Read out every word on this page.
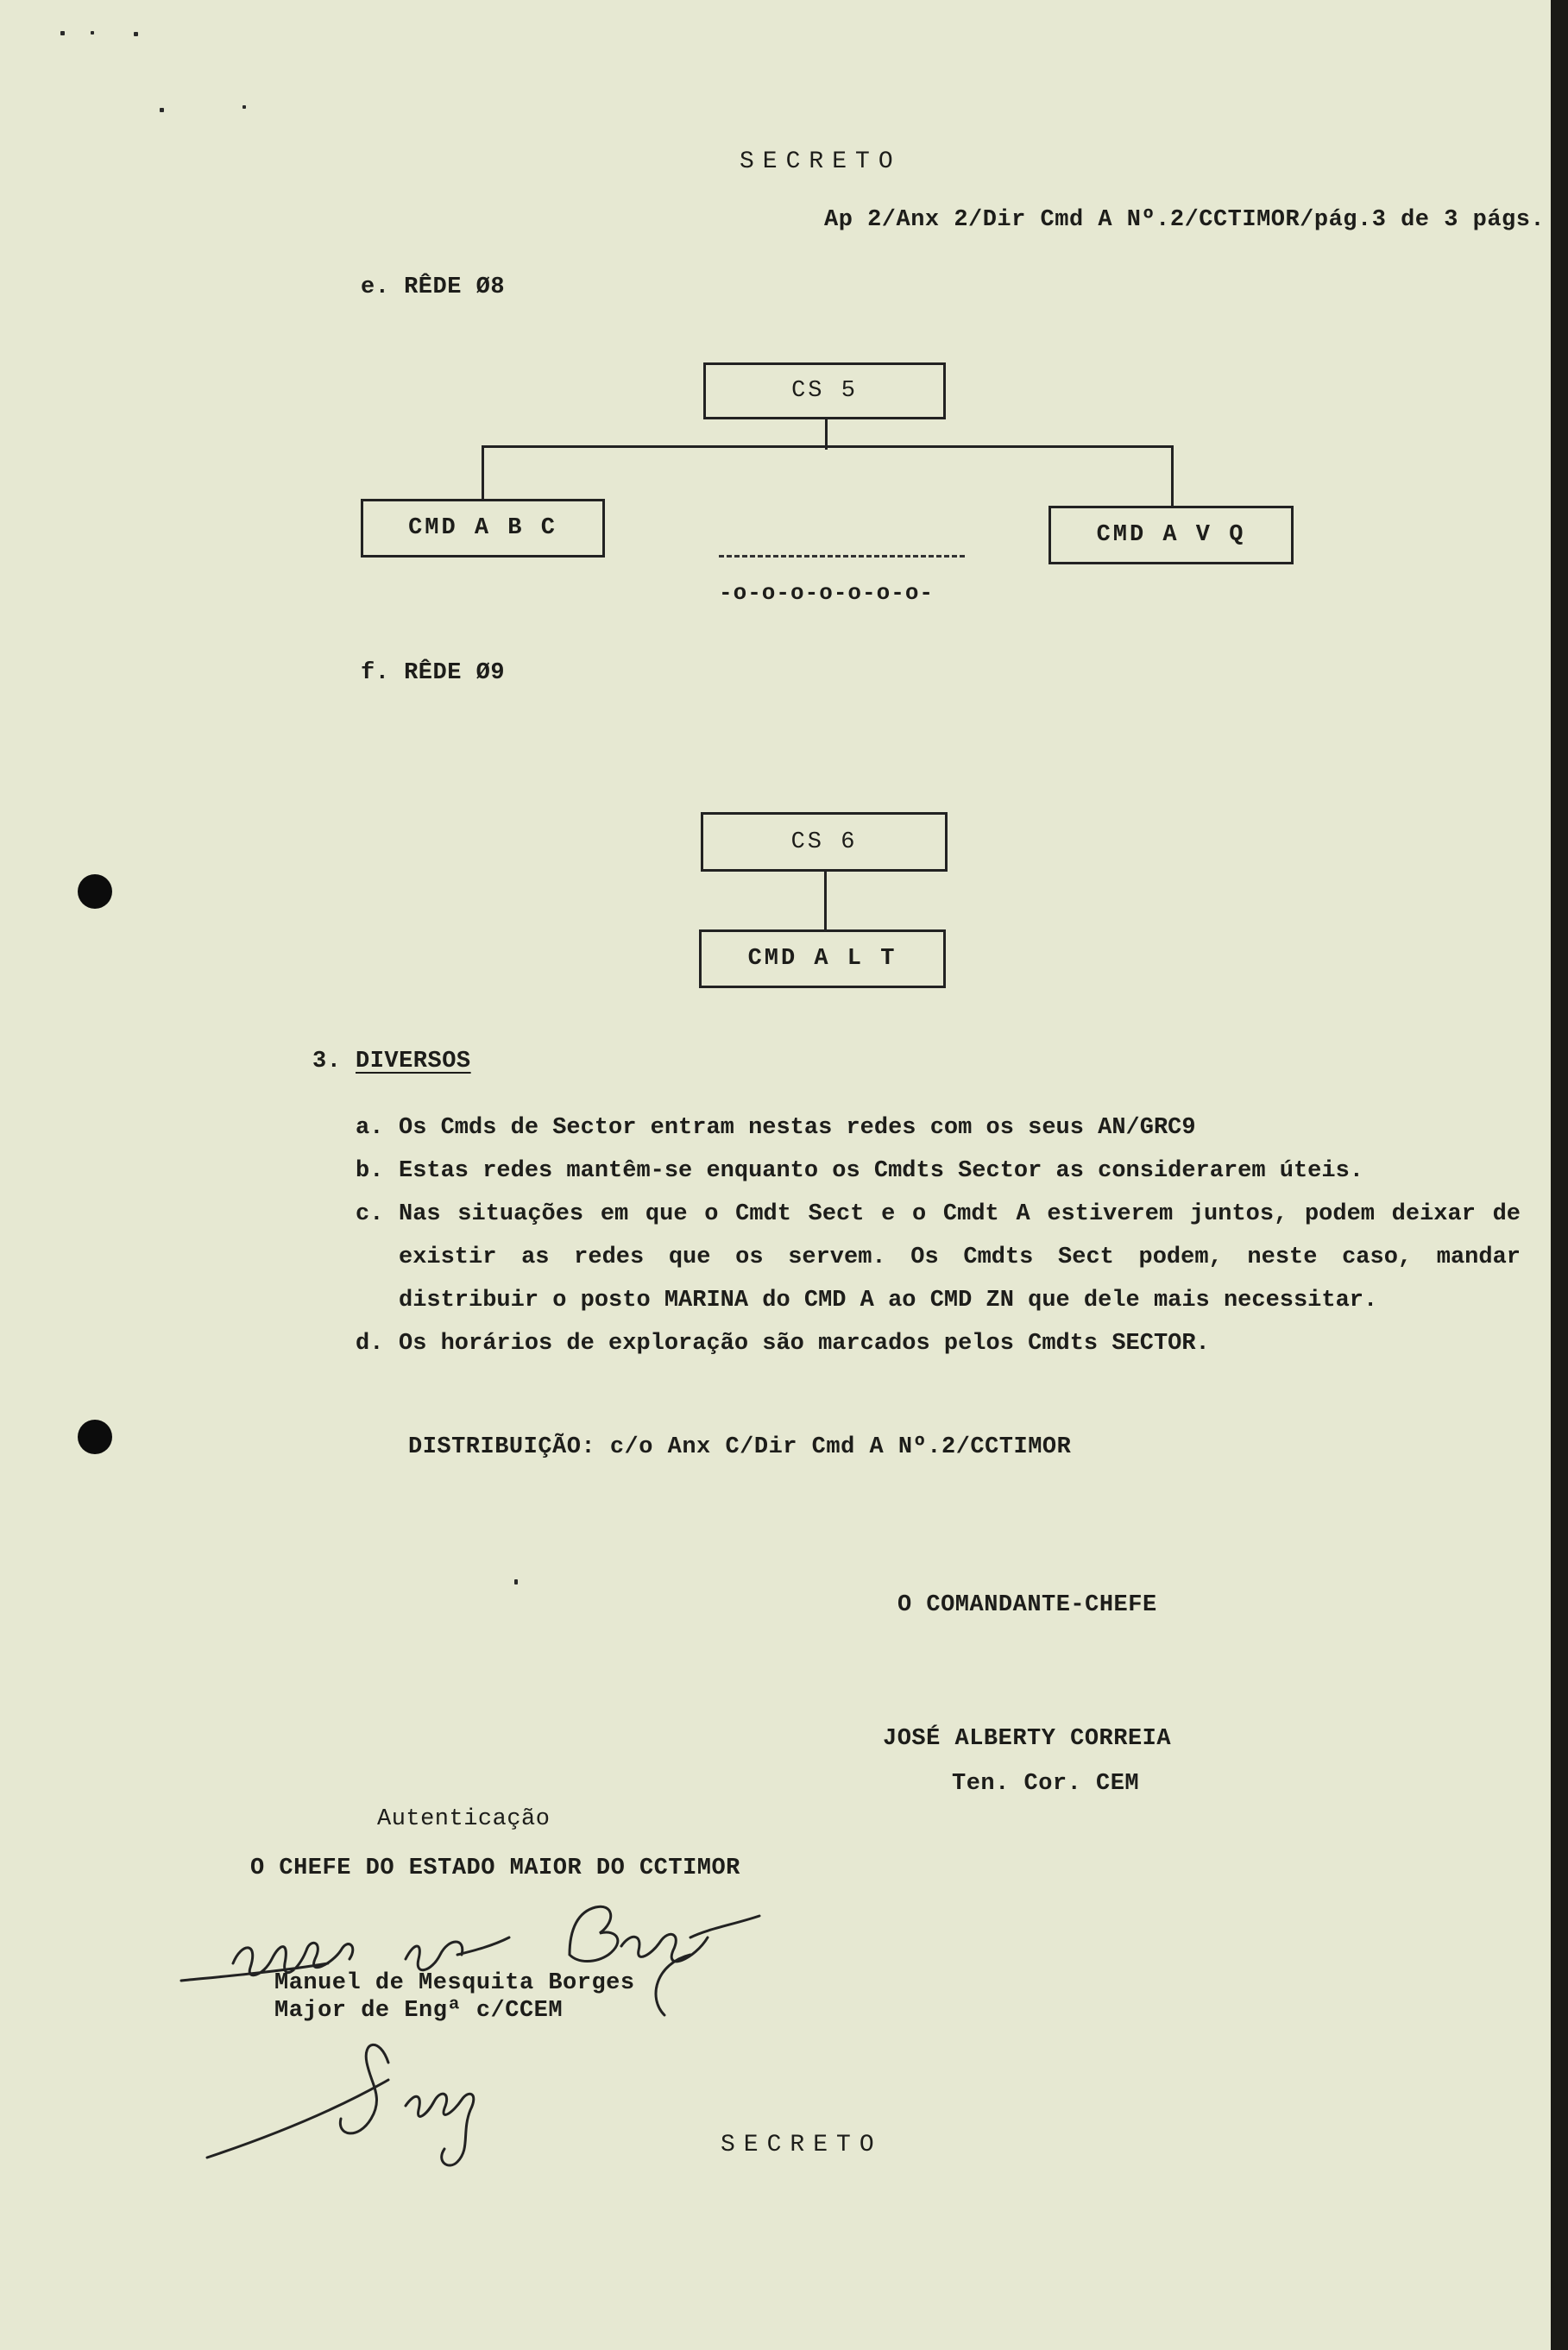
SECRETO
Ap 2/Anx 2/Dir Cmd A Nº.2/CCTIMOR/pág.3 de 3 págs.
e. RÊDE Ø8
CS 5
CMD A B C	CMD A V Q
-o-o-o-o-o-o-o-
f. RÊDE Ø9
CS 6
CMD A L T
3. DIVERSOS
a. Os Cmds de Sector entram nestas redes com os seus AN/GRC9
b. Estas redes mantêm-se enquanto os Cmdts Sector as considerarem úteis.
c. Nas situações em que o Cmdt Sect e o Cmdt A estiverem juntos, podem deixar de existir as redes que os servem. Os Cmdts Sect podem, neste caso, mandar distribuir o posto MARINA do CMD A ao CMD ZN que dele mais necessitar.
d. Os horários de exploração são marcados pelos Cmdts SECTOR.
DISTRIBUIÇÃO: c/o Anx C/Dir Cmd A Nº.2/CCTIMOR
O COMANDANTE-CHEFE
JOSÉ ALBERTY CORREIA
Ten. Cor. CEM
Autenticação
O CHEFE DO ESTADO MAIOR DO CCTIMOR
Manuel de Mesquita Borges
Major de Engª c/CCEM
SECRETO
